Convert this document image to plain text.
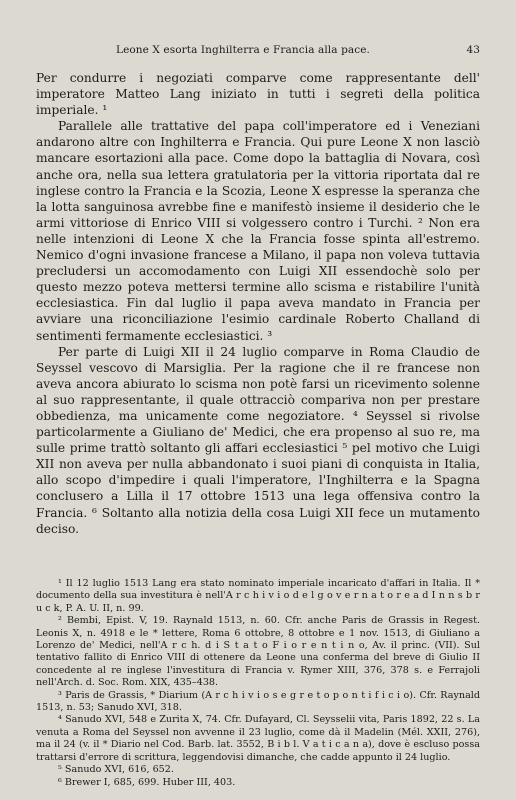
Leone X esorta Inghilterra e Francia alla pace.	43

Per condurre i negoziati comparve come rappresentante dell' imperatore Matteo Lang iniziato in tutti i segreti della politica imperiale. ¹

Parallele alle trattative del papa coll'imperatore ed i Veneziani andarono altre con Inghilterra e Francia. Qui pure Leone X non lasciò mancare esortazioni alla pace. Come dopo la battaglia di Novara, così anche ora, nella sua lettera gratulatoria per la vittoria riportata dal re inglese contro la Francia e la Scozia, Leone X espresse la speranza che la lotta sanguinosa avrebbe fine e manifestò insieme il desiderio che le armi vittoriose di Enrico VIII si volgessero contro i Turchi. ² Non era nelle intenzioni di Leone X che la Francia fosse spinta all'estremo. Nemico d'ogni invasione francese a Milano, il papa non voleva tuttavia precludersi un accomodamento con Luigi XII essendochè solo per questo mezzo poteva mettersi termine allo scisma e ristabilire l'unità ecclesiastica. Fin dal luglio il papa aveva mandato in Francia per avviare una riconciliazione l'esimio cardinale Roberto Challand di sentimenti fermamente ecclesiastici. ³

Per parte di Luigi XII il 24 luglio comparve in Roma Claudio de Seyssel vescovo di Marsiglia. Per la ragione che il re francese non aveva ancora abiurato lo scisma non potè farsi un ricevimento solenne al suo rappresentante, il quale ottracciò compariva non per prestare obbedienza, ma unicamente come negoziatore. ⁴ Seyssel si rivolse particolarmente a Giuliano de' Medici, che era propenso al suo re, ma sulle prime trattò soltanto gli affari ecclesiastici ⁵ pel motivo che Luigi XII non aveva per nulla abbandonato i suoi piani di conquista in Italia, allo scopo d'impedire i quali l'imperatore, l'Inghilterra e la Spagna conclusero a Lilla il 17 ottobre 1513 una lega offensiva contro la Francia. ⁶ Soltanto alla notizia della cosa Luigi XII fece un mutamento deciso.

¹ Il 12 luglio 1513 Lang era stato nominato imperiale incaricato d'affari in Italia. Il * documento della sua investitura è nell'A r c h i v i o d e l g o v e r n a t o r e a d I n n s b r u c k, P. A. U. II, n. 99.

² Bembi, Epist. V, 19. Raynald 1513, n. 60. Cfr. anche Paris de Grassis in Regest. Leonis X, n. 4918 e le * lettere, Roma 6 ottobre, 8 ottobre e 1 nov. 1513, di Giuliano a Lorenzo de' Medici, nell'A r c h. d i S t a t o F i o r e n t i n o, Av. il princ. (VII). Sul tentativo fallito di Enrico VIII di ottenere da Leone una conferma del breve di Giulio II concedente al re inglese l'investitura di Francia v. Rymer XIII, 376, 378 s. e Ferrajoli nell'Arch. d. Soc. Rom. XIX, 435–438.

³ Paris de Grassis, * Diarium (A r c h i v i o s e g r e t o p o n t i f i c i o). Cfr. Raynald 1513, n. 53; Sanudo XVI, 318.

⁴ Sanudo XVI, 548 e Zurita X, 74. Cfr. Dufayard, Cl. Seysselii vita, Paris 1892, 22 s. La venuta a Roma del Seyssel non avvenne il 23 luglio, come dà il Madelin (Mél. XXII, 276), ma il 24 (v. il * Diario nel Cod. Barb. lat. 3552, B i b l. V a t i c a n a), dove è escluso possa trattarsi d'errore di scrittura, leggendovisi dimanche, che cadde appunto il 24 luglio.

⁵ Sanudo XVI, 616, 652.

⁶ Brewer I, 685, 699. Huber III, 403.
